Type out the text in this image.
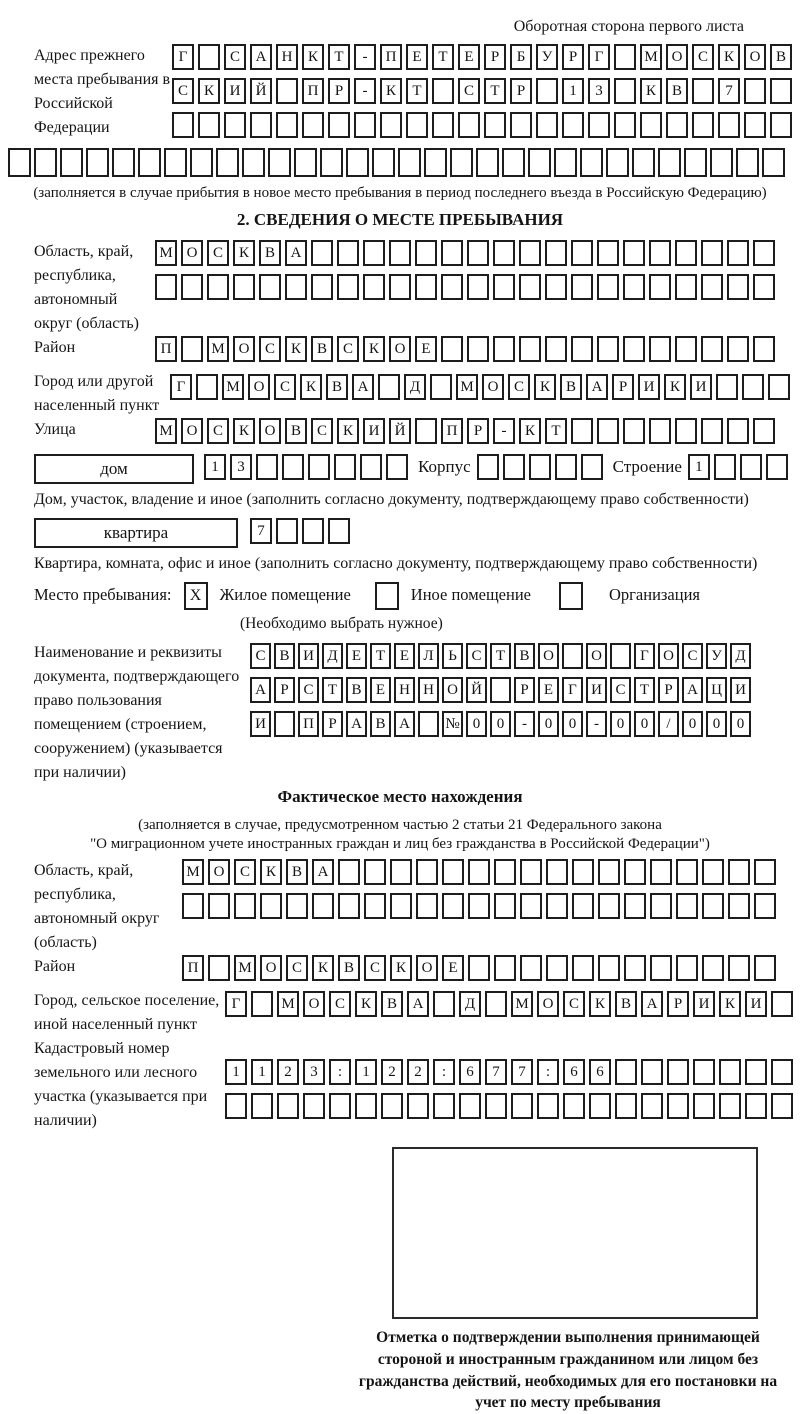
Оборотная сторона первого листа
Адрес прежнего места пребывания в Российской Федерации
Г	С	А	Н	К	Т	-	П	Е	Т	Е	Р	Б	У	Р	Г	М О	С	К	О	В
С	К	И	Й	П	Р	-	К	Т	С	Т	Р	1	3	К	В	7
(заполняется в случае прибытия в новое место пребывания в период последнего въезда в Российскую Федерацию)
2. СВЕДЕНИЯ О МЕСТЕ ПРЕБЫВАНИЯ
Область, край, республика, автономный округ (область)
М О	С	К	В	А
Район	П	М О	С	К	В	С	К	О	Е
Город или другой населенный пункт
Г	М О	С	К	В	А	Д	М О	С	К	В	А	Р	И	К	И
Улица	М О	С	К	О	В	С	К	И	Й	П	Р	-	К	Т
дом	1	3	Корпус	Строение 1
Дом, участок, владение и иное (заполнить согласно документу, подтверждающему право собственности)
квартира	7
Квартира, комната, офис и иное (заполнить согласно документу, подтверждающему право собственности)
Место пребывания:	X	Жилое помещение	Иное помещение	Организация
(Необходимо выбрать нужное)
Наименование и реквизиты документа, подтверждающего право пользования помещением (строением, сооружением) (указывается при наличии)
С В И Д Е Т Е Л Ь С Т В О	О	Г О С У Д
А Р С Т В Е Н Н О Й	Р	Е	Г И С Т	Р А Ц И
И	П Р А В А	№ 0	0	-	0	0	-	0	0	/	0	0	0
Фактическое место нахождения
(заполняется в случае, предусмотренном частью 2 статьи 21 Федерального закона
"О миграционном учете иностранных граждан и лиц без гражданства в Российской Федерации")
Область, край, республика, автономный округ (область)
М О	С	К	В	А
Район	П	М О	С	К	В	С	К	О	Е
Город, сельское поселение, иной населенный пункт
Г	М О	С	К	В	А	Д	М О	С	К	В	А	Р	И	К	И
Кадастровый номер земельного или лесного участка (указывается при наличии)
1	1	2	3	:	1	2	2	:	6	7	7	:	6	6
Отметка о подтверждении выполнения принимающей стороной и иностранным гражданином или лицом без гражданства действий, необходимых для его постановки на учет по месту пребывания
